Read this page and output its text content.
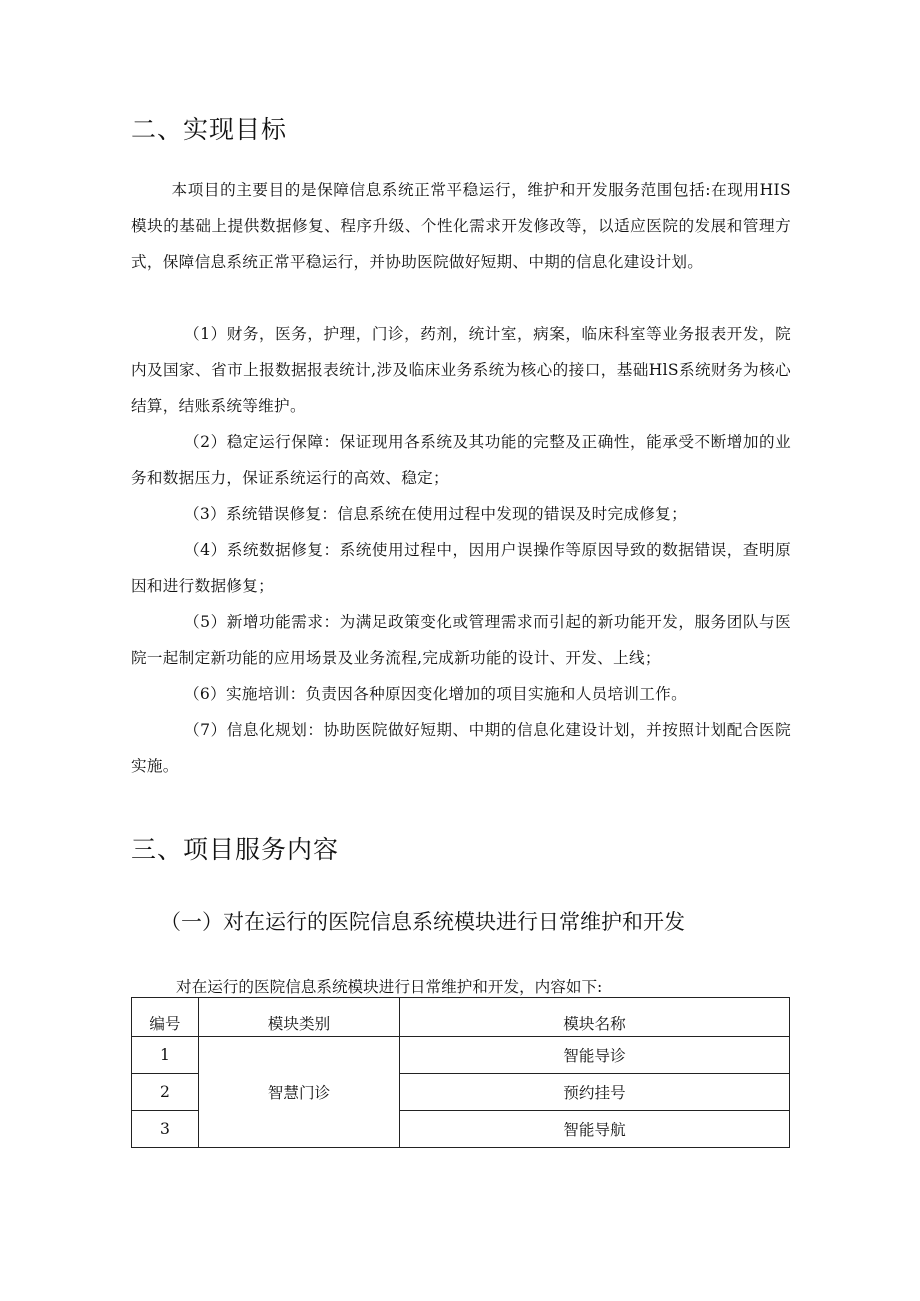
二、实现目标

本项目的主要目的是保障信息系统正常平稳运行，维护和开发服务范围包括:在现用HIS模块的基础上提供数据修复、程序升级、个性化需求开发修改等，以适应医院的发展和管理方式，保障信息系统正常平稳运行，并协助医院做好短期、中期的信息化建设计划。

（1）财务，医务，护理，门诊，药剂，统计室，病案，临床科室等业务报表开发，院内及国家、省市上报数据报表统计,涉及临床业务系统为核心的接口，基础HlS系统财务为核心结算，结账系统等维护。

（2）稳定运行保障：保证现用各系统及其功能的完整及正确性，能承受不断增加的业务和数据压力，保证系统运行的高效、稳定；

（3）系统错误修复：信息系统在使用过程中发现的错误及时完成修复；

（4）系统数据修复：系统使用过程中，因用户误操作等原因导致的数据错误，查明原因和进行数据修复；

（5）新增功能需求：为满足政策变化或管理需求而引起的新功能开发，服务团队与医院一起制定新功能的应用场景及业务流程,完成新功能的设计、开发、上线；

（6）实施培训：负责因各种原因变化增加的项目实施和人员培训工作。

（7）信息化规划：协助医院做好短期、中期的信息化建设计划，并按照计划配合医院实施。

三、项目服务内容
（一）对在运行的医院信息系统模块进行日常维护和开发

对在运行的医院信息系统模块进行日常维护和开发，内容如下:

编号	模块类别	模块名称
1	智慧门诊	智能导诊
2		预约挂号
3		智能导航
